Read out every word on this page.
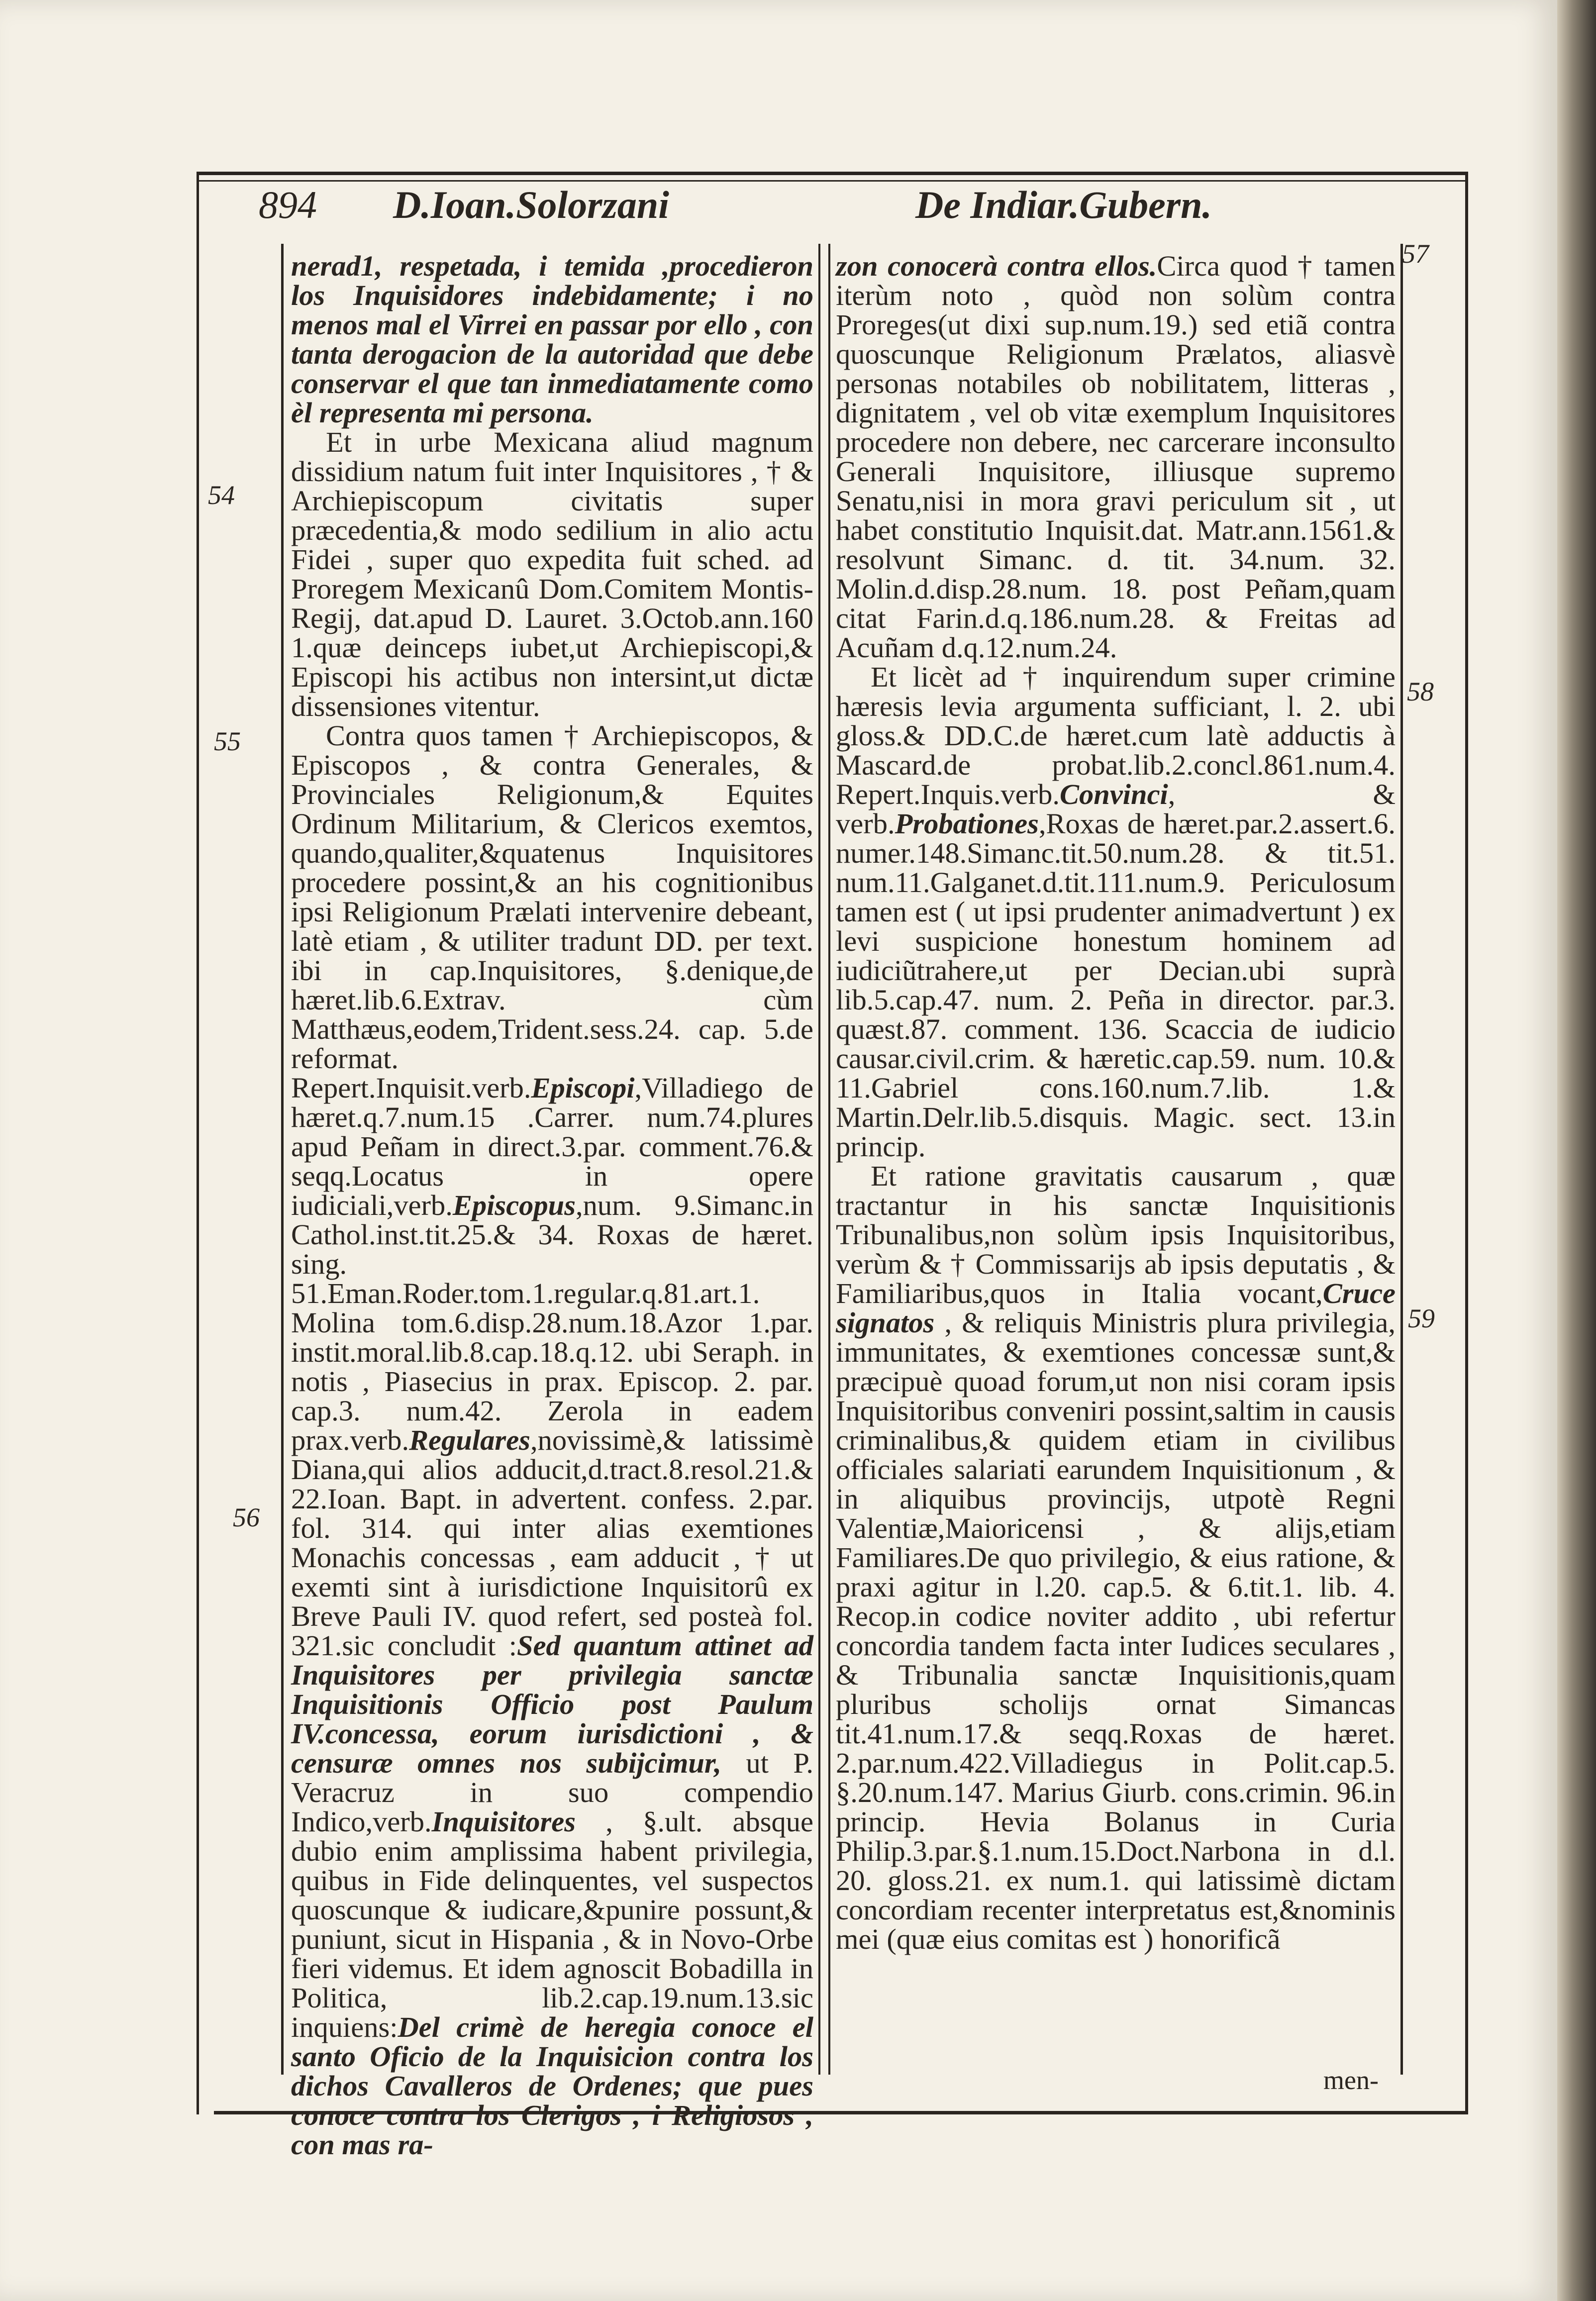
894 D.Ioan.Solorzani	De Indiar.Gubern.
54
55
56
57
58
59

nerad1, respetada, i temida ,procedieron los Inquisidores indebidamente; i no menos mal el Virrei en passar por ello , con tanta derogacion de la autoridad que debe conservar el que tan inmediatamente como èl representa mi persona.

Et in urbe Mexicana aliud magnum dissidium natum fuit inter Inquisitores , † & Archiepiscopum civitatis super præcedentia,& modo sedilium in alio actu Fidei , super quo expedita fuit sched. ad Proregem Mexicanû Dom.Comitem Montis-Regij, dat.apud D. Lauret. 3.Octob.ann.160 1.quæ deinceps iubet,ut Archiepiscopi,& Episcopi his actibus non intersint,ut dictæ dissensiones vitentur.

Contra quos tamen † Archiepiscopos, & Episcopos , & contra Generales, & Provinciales Religionum,& Equites Ordinum Militarium, & Clericos exemtos, quando,qualiter,&quatenus Inquisitores procedere possint,& an his cognitionibus ipsi Religionum Prælati intervenire debeant, latè etiam , & utiliter tradunt DD. per text. ibi in cap.Inquisitores, §.denique,de hæret.lib.6.Extrav. cùm Matthæus,eodem,Trident.sess.24. cap. 5.de reformat. Repert.Inquisit.verb.Episcopi,Villadiego de hæret.q.7.num.15 .Carrer. num.74.plures apud Peñam in direct.3.par. comment.76.& seqq.Locatus in opere iudiciali,verb.Episcopus,num. 9.Simanc.in Cathol.inst.tit.25.& 34. Roxas de hæret. sing. 51.Eman.Roder.tom.1.regular.q.81.art.1. Molina tom.6.disp.28.num.18.Azor 1.par. instit.moral.lib.8.cap.18.q.12. ubi Seraph. in notis , Piasecius in prax. Episcop. 2. par. cap.3. num.42. Zerola in eadem prax.verb.Regulares,novissimè,& latissimè Diana,qui alios adducit,d.tract.8.resol.21.& 22.Ioan. Bapt. in advertent. confess. 2.par. fol. 314. qui inter alias exemtiones Monachis concessas , eam adducit , † ut exemti sint à iurisdictione Inquisitorû ex Breve Pauli IV. quod refert, sed posteà fol. 321.sic concludit :Sed quantum attinet ad Inquisitores per privilegia sanctæ Inquisitionis Officio post Paulum IV.concessa, eorum iurisdictioni , & censuræ omnes nos subijcimur, ut P. Veracruz in suo compendio Indico,verb.Inquisitores , §.ult. absque dubio enim amplissima habent privilegia, quibus in Fide delinquentes, vel suspectos quoscunque & iudicare,&punire possunt,& puniunt, sicut in Hispania , & in Novo-Orbe fieri videmus. Et idem agnoscit Bobadilla in Politica, lib.2.cap.19.num.13.sic inquiens:Del crimè de heregia conoce el santo Oficio de la Inquisicion contra los dichos Cavalleros de Ordenes; que pues conoce contra los Clerigos , i Religiosos , con mas ra-

zon conocerà contra ellos.Circa quod † tamen iterùm noto , quòd non solùm contra Proreges(ut dixi sup.num.19.) sed etiã contra quoscunque Religionum Prælatos, aliasvè personas notabiles ob nobilitatem, litteras , dignitatem , vel ob vitæ exemplum Inquisitores procedere non debere, nec carcerare inconsulto Generali Inquisitore, illiusque supremo Senatu,nisi in mora gravi periculum sit , ut habet constitutio Inquisit.dat. Matr.ann.1561.& resolvunt Simanc. d. tit. 34.num. 32. Molin.d.disp.28.num. 18. post Peñam,quam citat Farin.d.q.186.num.28. & Freitas ad Acuñam d.q.12.num.24.

Et licèt ad † inquirendum super crimine hæresis levia argumenta sufficiant, l. 2. ubi gloss.& DD.C.de hæret.cum latè adductis à Mascard.de probat.lib.2.concl.861.num.4. Repert.Inquis.verb.Convinci, & verb.Probationes,Roxas de hæret.par.2.assert.6. numer.148.Simanc.tit.50.num.28. & tit.51. num.11.Galganet.d.tit.111.num.9. Periculosum tamen est ( ut ipsi prudenter animadvertunt ) ex levi suspicione honestum hominem ad iudiciũtrahere,ut per Decian.ubi suprà lib.5.cap.47. num. 2. Peña in director. par.3. quæst.87. comment. 136. Scaccia de iudicio causar.civil.crim. & hæretic.cap.59. num. 10.& 11.Gabriel cons.160.num.7.lib. 1.& Martin.Delr.lib.5.disquis. Magic. sect. 13.in princip.

Et ratione gravitatis causarum , quæ tractantur in his sanctæ Inquisitionis Tribunalibus,non solùm ipsis Inquisitoribus, verùm & † Commissarijs ab ipsis deputatis , & Familiaribus,quos in Italia vocant,Cruce signatos , & reliquis Ministris plura privilegia, immunitates, & exemtiones concessæ sunt,& præcipuè quoad forum,ut non nisi coram ipsis Inquisitoribus conveniri possint,saltim in causis criminalibus,& quidem etiam in civilibus officiales salariati earundem Inquisitionum , & in aliquibus provincijs, utpotè Regni Valentiæ,Maioricensi , & alijs,etiam Familiares.De quo privilegio, & eius ratione, & praxi agitur in l.20. cap.5. & 6.tit.1. lib. 4. Recop.in codice noviter addito , ubi refertur concordia tandem facta inter Iudices seculares , & Tribunalia sanctæ Inquisitionis,quam pluribus scholijs ornat Simancas tit.41.num.17.& seqq.Roxas de hæret. 2.par.num.422.Villadiegus in Polit.cap.5. §.20.num.147. Marius Giurb. cons.crimin. 96.in princip. Hevia Bolanus in Curia Philip.3.par.§.1.num.15.Doct.Narbona in d.l. 20. gloss.21. ex num.1. qui latissimè dictam concordiam recenter interpretatus est,&nominis mei (quæ eius comitas est ) honorificã

men-
